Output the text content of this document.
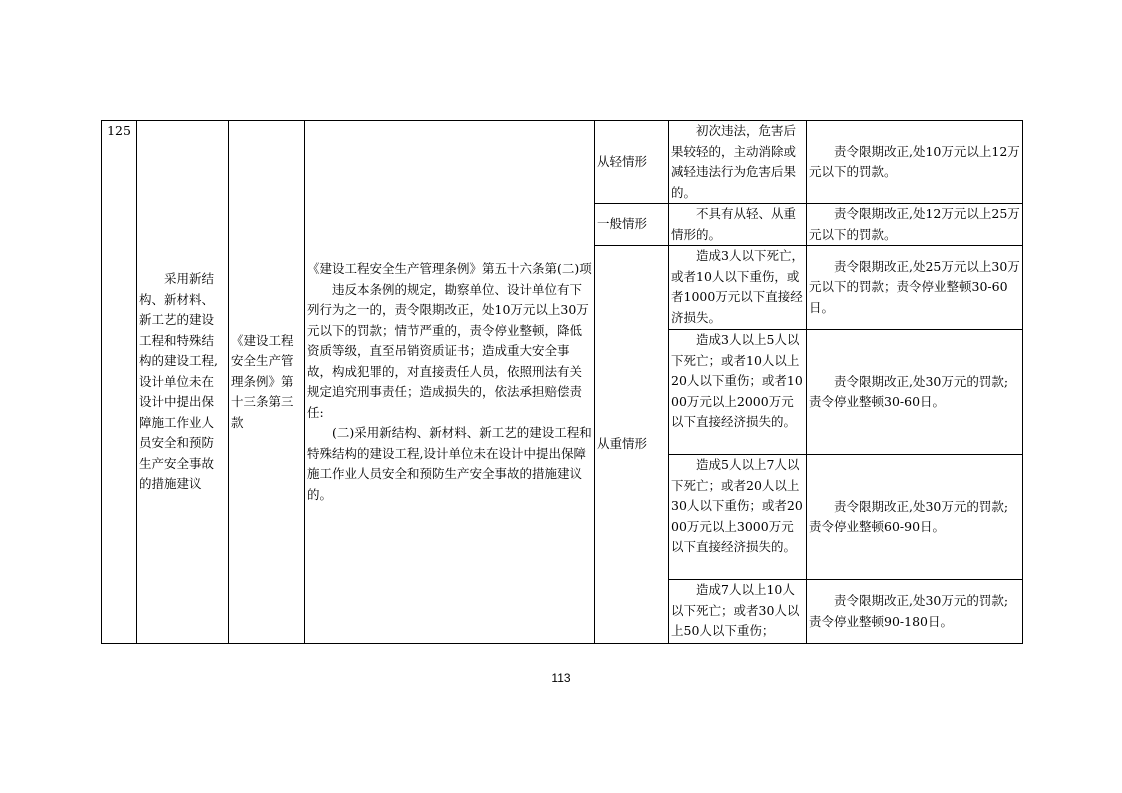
125	采用新结构、新材料、新工艺的建设工程和特殊结构的建设工程,设计单位未在设计中提出保障施工作业人员安全和预防生产安全事故的措施建议	《建设工程安全生产管理条例》第十三条第三款	《建设工程安全生产管理条例》第五十六条第(二)项
违反本条例的规定，勘察单位、设计单位有下列行为之一的，责令限期改正，处10万元以上30万元以下的罚款；情节严重的，责令停业整顿，降低资质等级，直至吊销资质证书；造成重大安全事故，构成犯罪的，对直接责任人员，依照刑法有关规定追究刑事责任；造成损失的，依法承担赔偿责任:
(二)采用新结构、新材料、新工艺的建设工程和特殊结构的建设工程,设计单位未在设计中提出保障施工作业人员安全和预防生产安全事故的措施建议的。	从轻情形	初次违法，危害后果较轻的，主动消除或减轻违法行为危害后果的。	责令限期改正,处10万元以上12万元以下的罚款。

				一般情形	不具有从轻、从重情形的。	责令限期改正,处12万元以上25万元以下的罚款。

				从重情形	造成3人以下死亡，或者10人以下重伤，或者1000万元以下直接经济损失。	责令限期改正,处25万元以上30万元以下的罚款；责令停业整顿30-60日。

					造成3人以上5人以下死亡；或者10人以上20人以下重伤；或者1000万元以上2000万元以下直接经济损失的。	责令限期改正,处30万元的罚款;责令停业整顿30-60日。

					造成5人以上7人以下死亡；或者20人以上30人以下重伤；或者2000万元以上3000万元以下直接经济损失的。	责令限期改正,处30万元的罚款;责令停业整顿60-90日。

					造成7人以上10人以下死亡；或者30人以上50人以下重伤；	责令限期改正,处30万元的罚款;责令停业整顿90-180日。
113
